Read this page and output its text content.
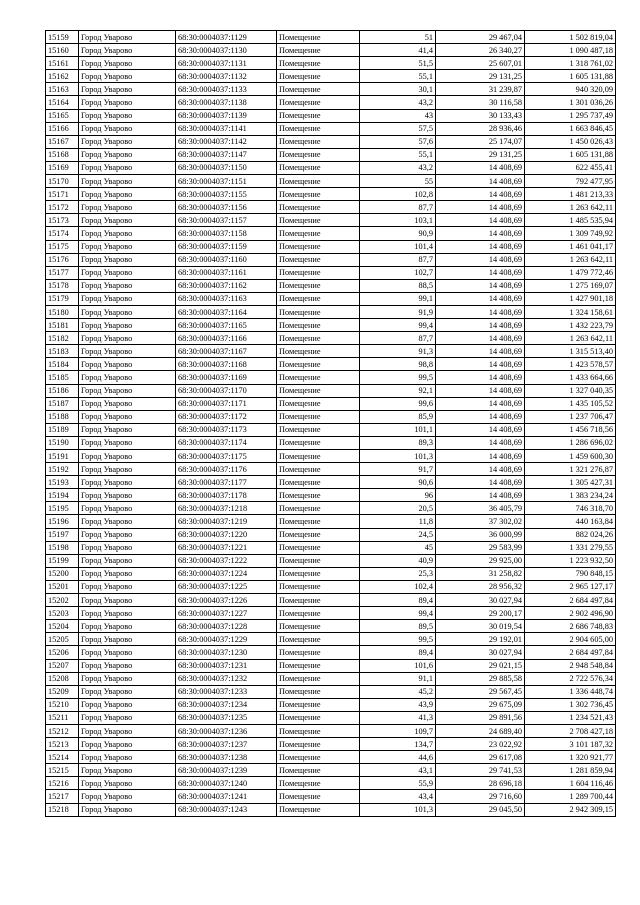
15159	Город Уварово	68:30:0004037:1129	Помещение	51	29 467,04	1 502 819,04
15160	Город Уварово	68:30:0004037:1130	Помещение	41,4	26 340,27	1 090 487,18
15161	Город Уварово	68:30:0004037:1131	Помещение	51,5	25 607,01	1 318 761,02
15162	Город Уварово	68:30:0004037:1132	Помещение	55,1	29 131,25	1 605 131,88
15163	Город Уварово	68:30:0004037:1133	Помещение	30,1	31 239,87	940 320,09
15164	Город Уварово	68:30:0004037:1138	Помещение	43,2	30 116,58	1 301 036,26
15165	Город Уварово	68:30:0004037:1139	Помещение	43	30 133,43	1 295 737,49
15166	Город Уварово	68:30:0004037:1141	Помещение	57,5	28 936,46	1 663 846,45
15167	Город Уварово	68:30:0004037:1142	Помещение	57,6	25 174,07	1 450 026,43
15168	Город Уварово	68:30:0004037:1147	Помещение	55,1	29 131,25	1 605 131,88
15169	Город Уварово	68:30:0004037:1150	Помещение	43,2	14 408,69	622 455,41
15170	Город Уварово	68:30:0004037:1151	Помещение	55	14 408,69	792 477,95
15171	Город Уварово	68:30:0004037:1155	Помещение	102,8	14 408,69	1 481 213,33
15172	Город Уварово	68:30:0004037:1156	Помещение	87,7	14 408,69	1 263 642,11
15173	Город Уварово	68:30:0004037:1157	Помещение	103,1	14 408,69	1 485 535,94
15174	Город Уварово	68:30:0004037:1158	Помещение	90,9	14 408,69	1 309 749,92
15175	Город Уварово	68:30:0004037:1159	Помещение	101,4	14 408,69	1 461 041,17
15176	Город Уварово	68:30:0004037:1160	Помещение	87,7	14 408,69	1 263 642,11
15177	Город Уварово	68:30:0004037:1161	Помещение	102,7	14 408,69	1 479 772,46
15178	Город Уварово	68:30:0004037:1162	Помещение	88,5	14 408,69	1 275 169,07
15179	Город Уварово	68:30:0004037:1163	Помещение	99,1	14 408,69	1 427 901,18
15180	Город Уварово	68:30:0004037:1164	Помещение	91,9	14 408,69	1 324 158,61
15181	Город Уварово	68:30:0004037:1165	Помещение	99,4	14 408,69	1 432 223,79
15182	Город Уварово	68:30:0004037:1166	Помещение	87,7	14 408,69	1 263 642,11
15183	Город Уварово	68:30:0004037:1167	Помещение	91,3	14 408,69	1 315 513,40
15184	Город Уварово	68:30:0004037:1168	Помещение	98,8	14 408,69	1 423 578,57
15185	Город Уварово	68:30:0004037:1169	Помещение	99,5	14 408,69	1 433 664,66
15186	Город Уварово	68:30:0004037:1170	Помещение	92,1	14 408,69	1 327 040,35
15187	Город Уварово	68:30:0004037:1171	Помещение	99,6	14 408,69	1 435 105,52
15188	Город Уварово	68:30:0004037:1172	Помещение	85,9	14 408,69	1 237 706,47
15189	Город Уварово	68:30:0004037:1173	Помещение	101,1	14 408,69	1 456 718,56
15190	Город Уварово	68:30:0004037:1174	Помещение	89,3	14 408,69	1 286 696,02
15191	Город Уварово	68:30:0004037:1175	Помещение	101,3	14 408,69	1 459 600,30
15192	Город Уварово	68:30:0004037:1176	Помещение	91,7	14 408,69	1 321 276,87
15193	Город Уварово	68:30:0004037:1177	Помещение	90,6	14 408,69	1 305 427,31
15194	Город Уварово	68:30:0004037:1178	Помещение	96	14 408,69	1 383 234,24
15195	Город Уварово	68:30:0004037:1218	Помещение	20,5	36 405,79	746 318,70
15196	Город Уварово	68:30:0004037:1219	Помещение	11,8	37 302,02	440 163,84
15197	Город Уварово	68:30:0004037:1220	Помещение	24,5	36 000,99	882 024,26
15198	Город Уварово	68:30:0004037:1221	Помещение	45	29 583,99	1 331 279,55
15199	Город Уварово	68:30:0004037:1222	Помещение	40,9	29 925,00	1 223 932,50
15200	Город Уварово	68:30:0004037:1224	Помещение	25,3	31 258,82	790 848,15
15201	Город Уварово	68:30:0004037:1225	Помещение	102,4	28 956,32	2 965 127,17
15202	Город Уварово	68:30:0004037:1226	Помещение	89,4	30 027,94	2 684 497,84
15203	Город Уварово	68:30:0004037:1227	Помещение	99,4	29 200,17	2 902 496,90
15204	Город Уварово	68:30:0004037:1228	Помещение	89,5	30 019,54	2 686 748,83
15205	Город Уварово	68:30:0004037:1229	Помещение	99,5	29 192,01	2 904 605,00
15206	Город Уварово	68:30:0004037:1230	Помещение	89,4	30 027,94	2 684 497,84
15207	Город Уварово	68:30:0004037:1231	Помещение	101,6	29 021,15	2 948 548,84
15208	Город Уварово	68:30:0004037:1232	Помещение	91,1	29 885,58	2 722 576,34
15209	Город Уварово	68:30:0004037:1233	Помещение	45,2	29 567,45	1 336 448,74
15210	Город Уварово	68:30:0004037:1234	Помещение	43,9	29 675,09	1 302 736,45
15211	Город Уварово	68:30:0004037:1235	Помещение	41,3	29 891,56	1 234 521,43
15212	Город Уварово	68:30:0004037:1236	Помещение	109,7	24 689,40	2 708 427,18
15213	Город Уварово	68:30:0004037:1237	Помещение	134,7	23 022,92	3 101 187,32
15214	Город Уварово	68:30:0004037:1238	Помещение	44,6	29 617,08	1 320 921,77
15215	Город Уварово	68:30:0004037:1239	Помещение	43,1	29 741,53	1 281 859,94
15216	Город Уварово	68:30:0004037:1240	Помещение	55,9	28 696,18	1 604 116,46
15217	Город Уварово	68:30:0004037:1241	Помещение	43,4	29 716,60	1 289 700,44
15218	Город Уварово	68:30:0004037:1243	Помещение	101,3	29 045,50	2 942 309,15
